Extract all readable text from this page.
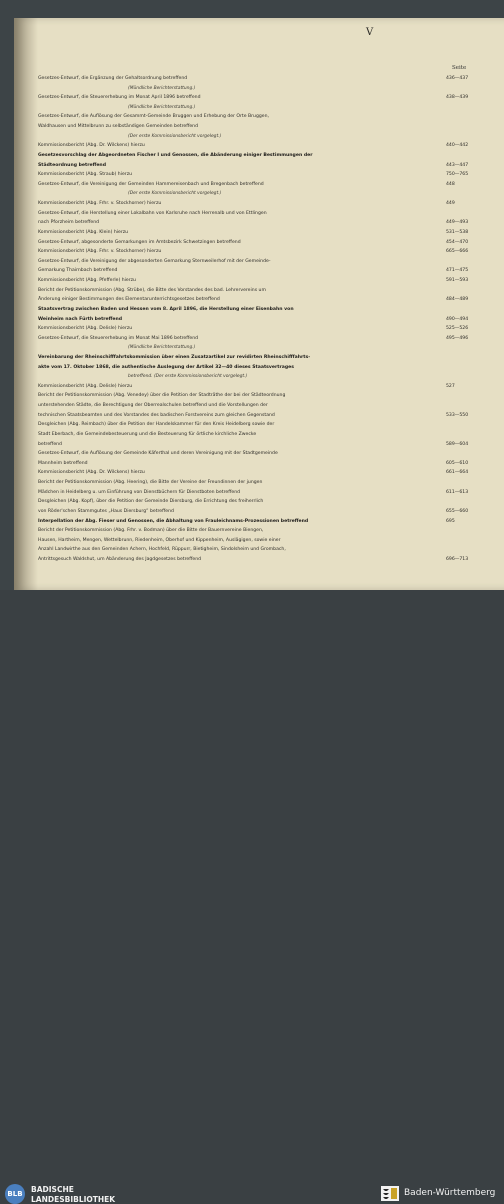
V
Seite
Gesetzes-Entwurf, die Ergänzung der Gehaltsordnung betreffend	436—437
(Mündliche Berichterstattung.)
Gesetzes-Entwurf, die Steuererhebung im Monat April 1896 betreffend	438—439
(Mündliche Berichterstattung.)
Gesetzes-Entwurf, die Auflösung der Gesammt-Gemeinde Bruggen und Erhebung der Orte Bruggen,
Waldhausen und Mittelbrunn zu selbständigen Gemeinden betreffend
(Der erste Kommissionsbericht vorgelegt.)
Kommissionsbericht (Abg. Dr. Wilckens) hierzu	440—442
Gesetzesvorschlag der Abgeordneten Fischer I und Genossen, die Abänderung einiger Bestimmungen der
Städteordnung betreffend	443—447
Kommissionsbericht (Abg. Straub) hierzu	750—765
Gesetzes-Entwurf, die Vereinigung der Gemeinden Hammereisenbach und Bregenbach betreffend	448
(Der erste Kommissionsbericht vorgelegt.)
Kommissionsbericht (Abg. Frhr. v. Stockhorner) hierzu	449
Gesetzes-Entwurf, die Herstellung einer Lokalbahn von Karlsruhe nach Herrenalb und von Ettlingen
nach Pforzheim betreffend	449—493
Kommissionsbericht (Abg. Klein) hierzu	531—538
Gesetzes-Entwurf, abgesonderte Gemarkungen im Amtsbezirk Schwetzingen betreffend	454—470
Kommissionsbericht (Abg. Frhr. v. Stockhorner) hierzu	665—666
Gesetzes-Entwurf, die Vereinigung der abgesonderten Gemarkung Sternweilerhof mit der Gemeinde-
Gemarkung Thairnbach betreffend	471—475
Kommissionsbericht (Abg. Pfefferle) hierzu	591—593
Bericht der Petitionskommission (Abg. Strübe), die Bitte des Vorstandes des bad. Lehrervereins um
Änderung einiger Bestimmungen des Elementarunterrichtsgesetzes betreffend	484—489
Staatsvertrag zwischen Baden und Hessen vom 8. April 1896, die Herstellung einer Eisenbahn von
Weinheim nach Fürth betreffend	490—494
Kommissionsbericht (Abg. Delisle) hierzu	525—526
Gesetzes-Entwurf, die Steuererhebung im Monat Mai 1896 betreffend	495—496
(Mündliche Berichterstattung.)
Vereinbarung der Rheinschifffahrtskommission über einen Zusatzartikel zur revidirten Rheinschifffahrts-
akte vom 17. Oktober 1868, die authentische Auslegung der Artikel 32—40 dieses Staatsvertrages
betreffend. (Der erste Kommissionsbericht vorgelegt.)
Kommissionsbericht (Abg. Delisle) hierzu	527
Bericht der Petitionskommission (Abg. Venedey) über die Petition der Stadträthe der bei der Städteordnung
unterstehenden Städte, die Berechtigung der Oberrealschulen betreffend und die Vorstellungen der
technischen Staatsbeamten und des Vorstandes des badischen Forstvereins zum gleichen Gegenstand	533—550
Desgleichen (Abg. Reimbach) über die Petition der Handelskammer für den Kreis Heidelberg sowie der
Stadt Eberbach, die Gemeindebesteuerung und die Besteuerung für örtliche kirchliche Zwecke
betreffend	589—604
Gesetzes-Entwurf, die Auflösung der Gemeinde Käferthal und deren Vereinigung mit der Stadtgemeinde
Mannheim betreffend	605—610
Kommissionsbericht (Abg. Dr. Wilckens) hierzu	661—664
Bericht der Petitionskommission (Abg. Heering), die Bitte der Vereine der Freundinnen der jungen
Mädchen in Heidelberg u. um Einführung von Dienstbüchern für Dienstboten betreffend	611—613
Desgleichen (Abg. Kopf), über die Petition der Gemeinde Diersburg, die Errichtung des freiherrlich
von Röder'schen Stammgutes „Haus Diersburg“ betreffend	655—660
Interpellation der Abg. Fieser und Genossen, die Abhaltung von Frauleichnams-Prozessionen betreffend	695
Bericht der Petitionskommission (Abg. Frhr. v. Bodman) über die Bitte der Bauernvereine Biengen,
Hausen, Hartheim, Mengen, Wettelbrunn, Riedenheim, Oberhof und Kippenheim, Auslägigen, sowie einer
Anzahl Landwirthe aus den Gemeinden Achern, Hochfeld, Rüppurr, Bietigheim, Sindolsheim und Grombach,
Antrittsgesuch Waldshut, um Abänderung des Jagdgesetzes betreffend	696—713
BLB	BADISCHE
LANDESBIBLIOTHEK
Baden-Württemberg
